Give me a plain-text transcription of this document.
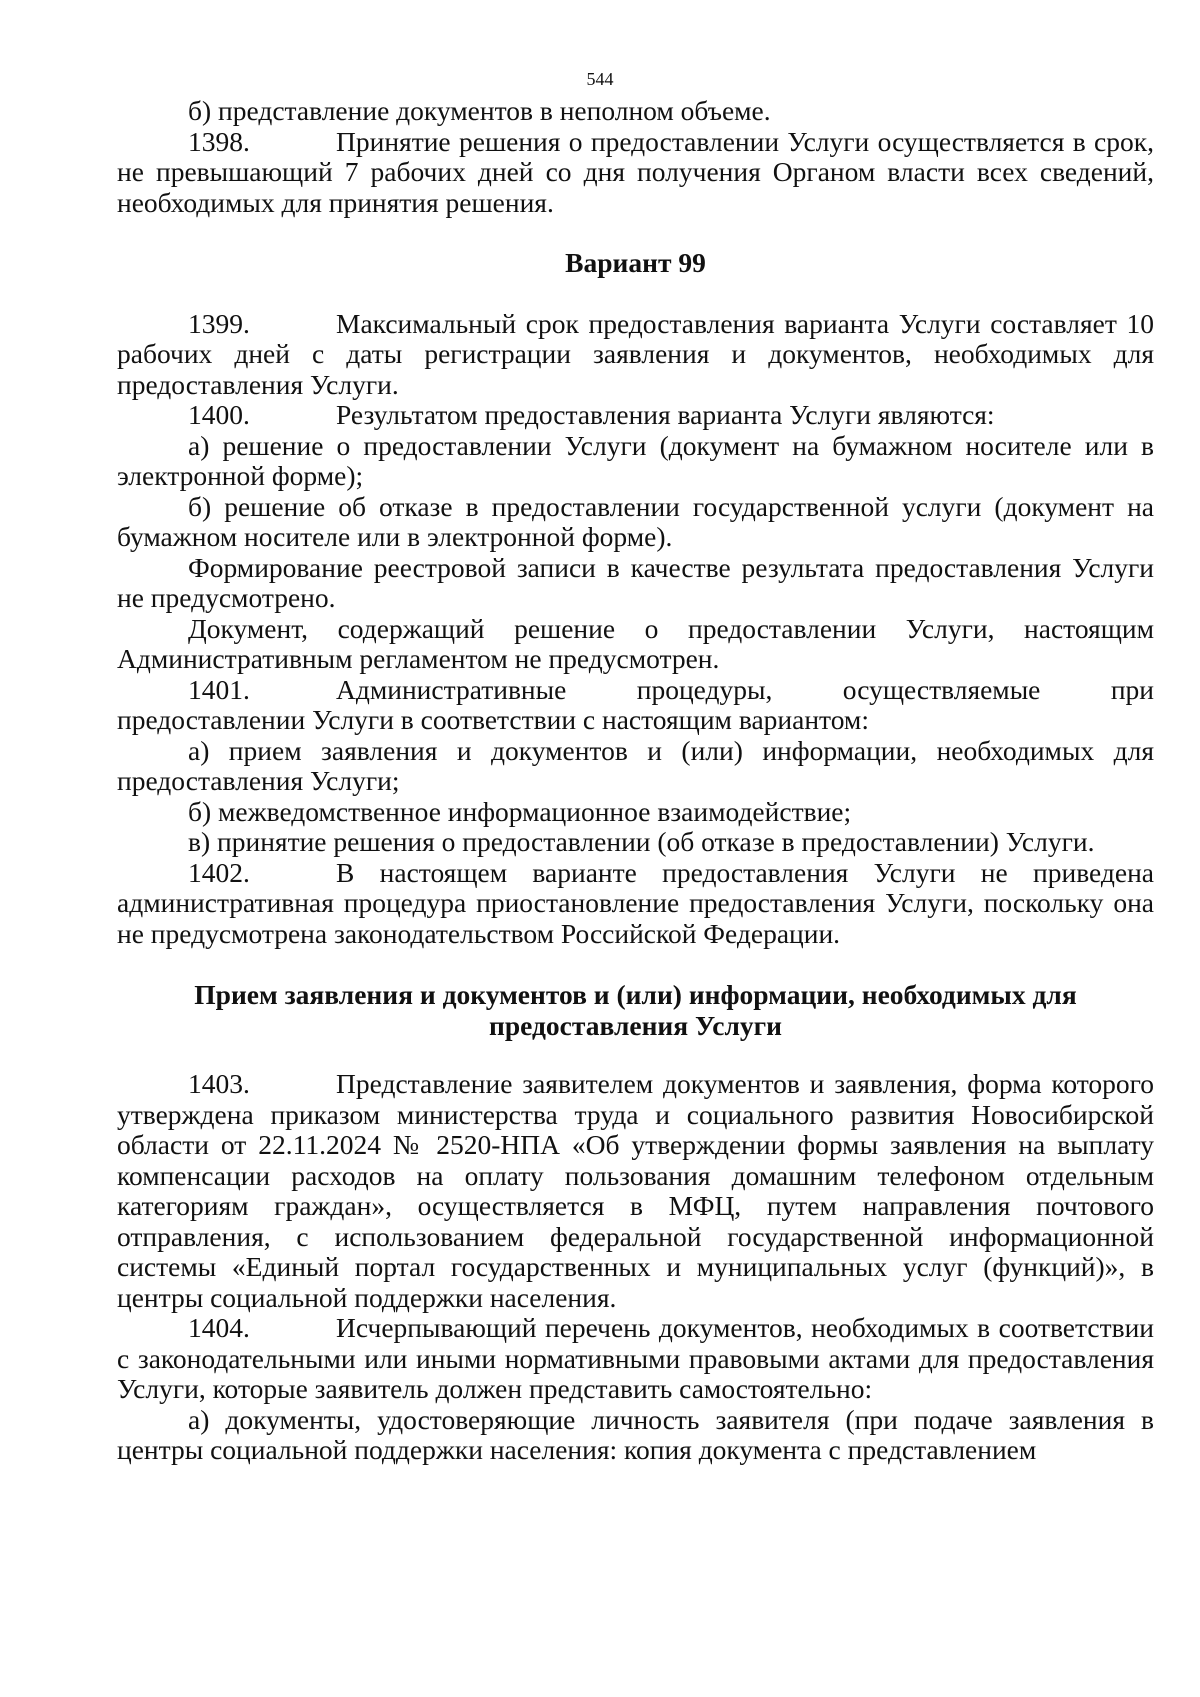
544

б) представление документов в неполном объеме.

1398.	Принятие решения о предоставлении Услуги осуществляется в срок, не превышающий 7 рабочих дней со дня получения Органом власти всех сведений, необходимых для принятия решения.

Вариант 99

1399.	Максимальный срок предоставления варианта Услуги составляет 10 рабочих дней с даты регистрации заявления и документов, необходимых для предоставления Услуги.

1400.	Результатом предоставления варианта Услуги являются:

а) решение о предоставлении Услуги (документ на бумажном носителе или в электронной форме);

б) решение об отказе в предоставлении государственной услуги (документ на бумажном носителе или в электронной форме).

Формирование реестровой записи в качестве результата предоставления Услуги не предусмотрено.

Документ, содержащий решение о предоставлении Услуги, настоящим Административным регламентом не предусмотрен.

1401.	Административные процедуры, осуществляемые при предоставлении Услуги в соответствии с настоящим вариантом:

а) прием заявления и документов и (или) информации, необходимых для предоставления Услуги;

б) межведомственное информационное взаимодействие;

в) принятие решения о предоставлении (об отказе в предоставлении) Услуги.

1402.	В настоящем варианте предоставления Услуги не приведена административная процедура приостановление предоставления Услуги, поскольку она не предусмотрена законодательством Российской Федерации.

Прием заявления и документов и (или) информации, необходимых для

предоставления Услуги

1403.	Представление заявителем документов и заявления, форма которого утверждена приказом министерства труда и социального развития Новосибирской области от 22.11.2024 № 2520-НПА «Об утверждении формы заявления на выплату компенсации расходов на оплату пользования домашним телефоном отдельным категориям граждан», осуществляется в МФЦ, путем направления почтового отправления, с использованием федеральной государственной информационной системы «Единый портал государственных и муниципальных услуг (функций)», в центры социальной поддержки населения.

1404.	Исчерпывающий перечень документов, необходимых в соответствии с законодательными или иными нормативными правовыми актами для предоставления Услуги, которые заявитель должен представить самостоятельно:

а) документы, удостоверяющие личность заявителя (при подаче заявления в центры социальной поддержки населения: копия документа с представлением
